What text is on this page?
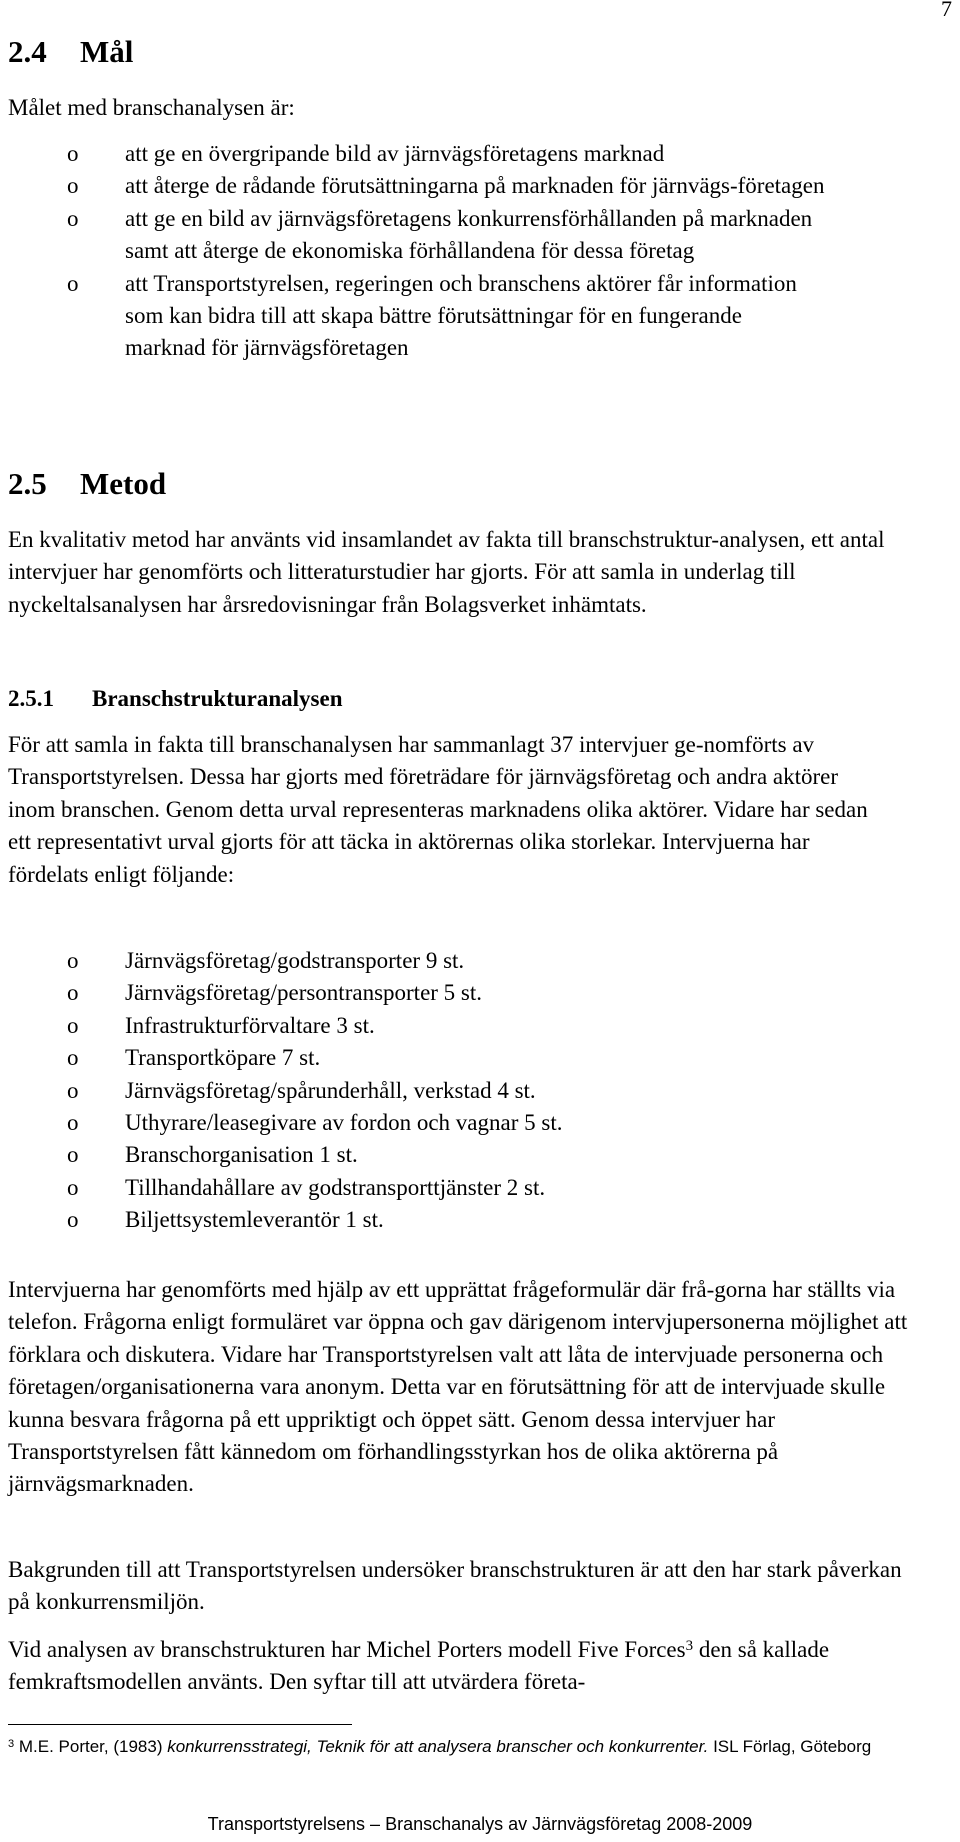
7
2.4 Mål

Målet med branschanalysen är:

o att ge en övergripande bild av järnvägsföretagens marknad
o att återge de rådande förutsättningarna på marknaden för järnvägs-företagen
o att ge en bild av järnvägsföretagens konkurrensförhållanden på marknaden samt att återge de ekonomiska förhållandena för dessa företag
o att Transportstyrelsen, regeringen och branschens aktörer får information som kan bidra till att skapa bättre förutsättningar för en fungerande marknad för järnvägsföretagen
2.5 Metod

En kvalitativ metod har använts vid insamlandet av fakta till branschstruktur-analysen, ett antal intervjuer har genomförts och litteraturstudier har gjorts. För att samla in underlag till nyckeltalsanalysen har årsredovisningar från Bolagsverket inhämtats.

2.5.1 Branschstrukturanalysen

För att samla in fakta till branschanalysen har sammanlagt 37 intervjuer ge-nomförts av Transportstyrelsen. Dessa har gjorts med företrädare för järnvägsföretag och andra aktörer inom branschen. Genom detta urval representeras marknadens olika aktörer. Vidare har sedan ett representativt urval gjorts för att täcka in aktörernas olika storlekar. Intervjuerna har fördelats enligt följande:

o Järnvägsföretag/godstransporter 9 st.
o Järnvägsföretag/persontransporter 5 st.
o Infrastrukturförvaltare 3 st.
o Transportköpare 7 st.
o Järnvägsföretag/spårunderhåll, verkstad 4 st.
o Uthyrare/leasegivare av fordon och vagnar 5 st.
o Branschorganisation 1 st.
o Tillhandahållare av godstransporttjänster 2 st.
o Biljettsystemleverantör 1 st.

Intervjuerna har genomförts med hjälp av ett upprättat frågeformulär där frå-gorna har ställts via telefon. Frågorna enligt formuläret var öppna och gav därigenom intervjupersonerna möjlighet att förklara och diskutera. Vidare har Transportstyrelsen valt att låta de intervjuade personerna och företagen/organisationerna vara anonym. Detta var en förutsättning för att de intervjuade skulle kunna besvara frågorna på ett uppriktigt och öppet sätt. Genom dessa intervjuer har Transportstyrelsen fått kännedom om förhandlingsstyrkan hos de olika aktörerna på järnvägsmarknaden.

Bakgrunden till att Transportstyrelsen undersöker branschstrukturen är att den har stark påverkan på konkurrensmiljön.

Vid analysen av branschstrukturen har Michel Porters modell Five Forces$^3$ den så kallade femkraftsmodellen använts. Den syftar till att utvärdera företa-

$^3$ M.E. Porter, (1983) konkurrensstrategi, Teknik för att analysera branscher och konkurrenter. ISL Förlag, Göteborg
Transportstyrelsens – Branschanalys av Järnvägsföretag 2008-2009
